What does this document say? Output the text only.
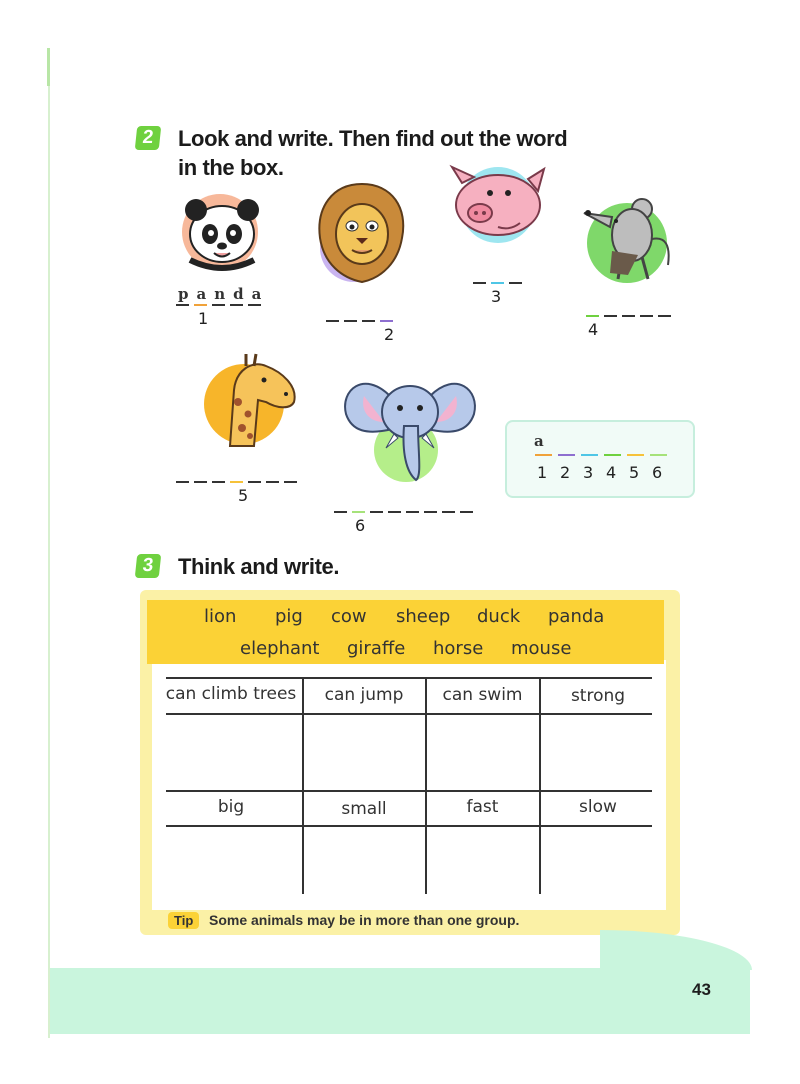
2	Look and write. Then find out the word
in the box.
panda
1
2
3
4
5
6
a
1 2 3 4 5 6
3	Think and write.
lion pig cow sheep duck panda
elephant giraffe horse mouse
can climb trees	can jump	can swim	strong
big	small	fast	slow
Tip	Some animals may be in more than one group.
43
